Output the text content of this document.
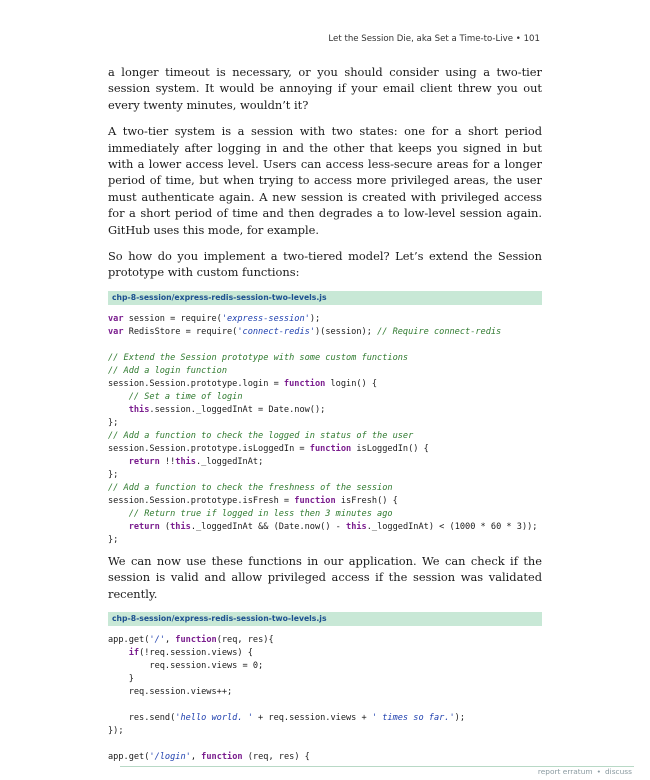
Let the Session Die, aka Set a Time-to-Live • 101

a longer timeout is necessary, or you should consider using a two-tier session system. It would be annoying if your email client threw you out every twenty minutes, wouldn’t it?

A two-tier system is a session with two states: one for a short period immediately after logging in and the other that keeps you signed in but with a lower access level. Users can access less-secure areas for a longer period of time, but when trying to access more privileged areas, the user must authenticate again. A new session is created with privileged access for a short period of time and then degrades a to low-level session again. GitHub uses this mode, for example.

So how do you implement a two-tiered model? Let’s extend the Session prototype with custom functions:

chp-8-session/express-redis-session-two-levels.js
var session = require('express-session');
var RedisStore = require('connect-redis')(session); // Require connect-redis
// Extend the Session prototype with some custom functions
// Add a login function
session.Session.prototype.login = function login() {
// Set a time of login
this.session._loggedInAt = Date.now();
};
// Add a function to check the logged in status of the user
session.Session.prototype.isLoggedIn = function isLoggedIn() {
return !!this._loggedInAt;
};
// Add a function to check the freshness of the session
session.Session.prototype.isFresh = function isFresh() {
// Return true if logged in less then 3 minutes ago
return (this._loggedInAt && (Date.now() - this._loggedInAt) < (1000 * 60 * 3));
};

We can now use these functions in our application. We can check if the session is valid and allow privileged access if the session was validated recently.

chp-8-session/express-redis-session-two-levels.js
app.get('/', function(req, res){
if(!req.session.views) {
req.session.views = 0;
}
req.session.views++;
res.send('hello world. ' + req.session.views + ' times so far.');
});
app.get('/login', function (req, res) {
report erratum • discuss
